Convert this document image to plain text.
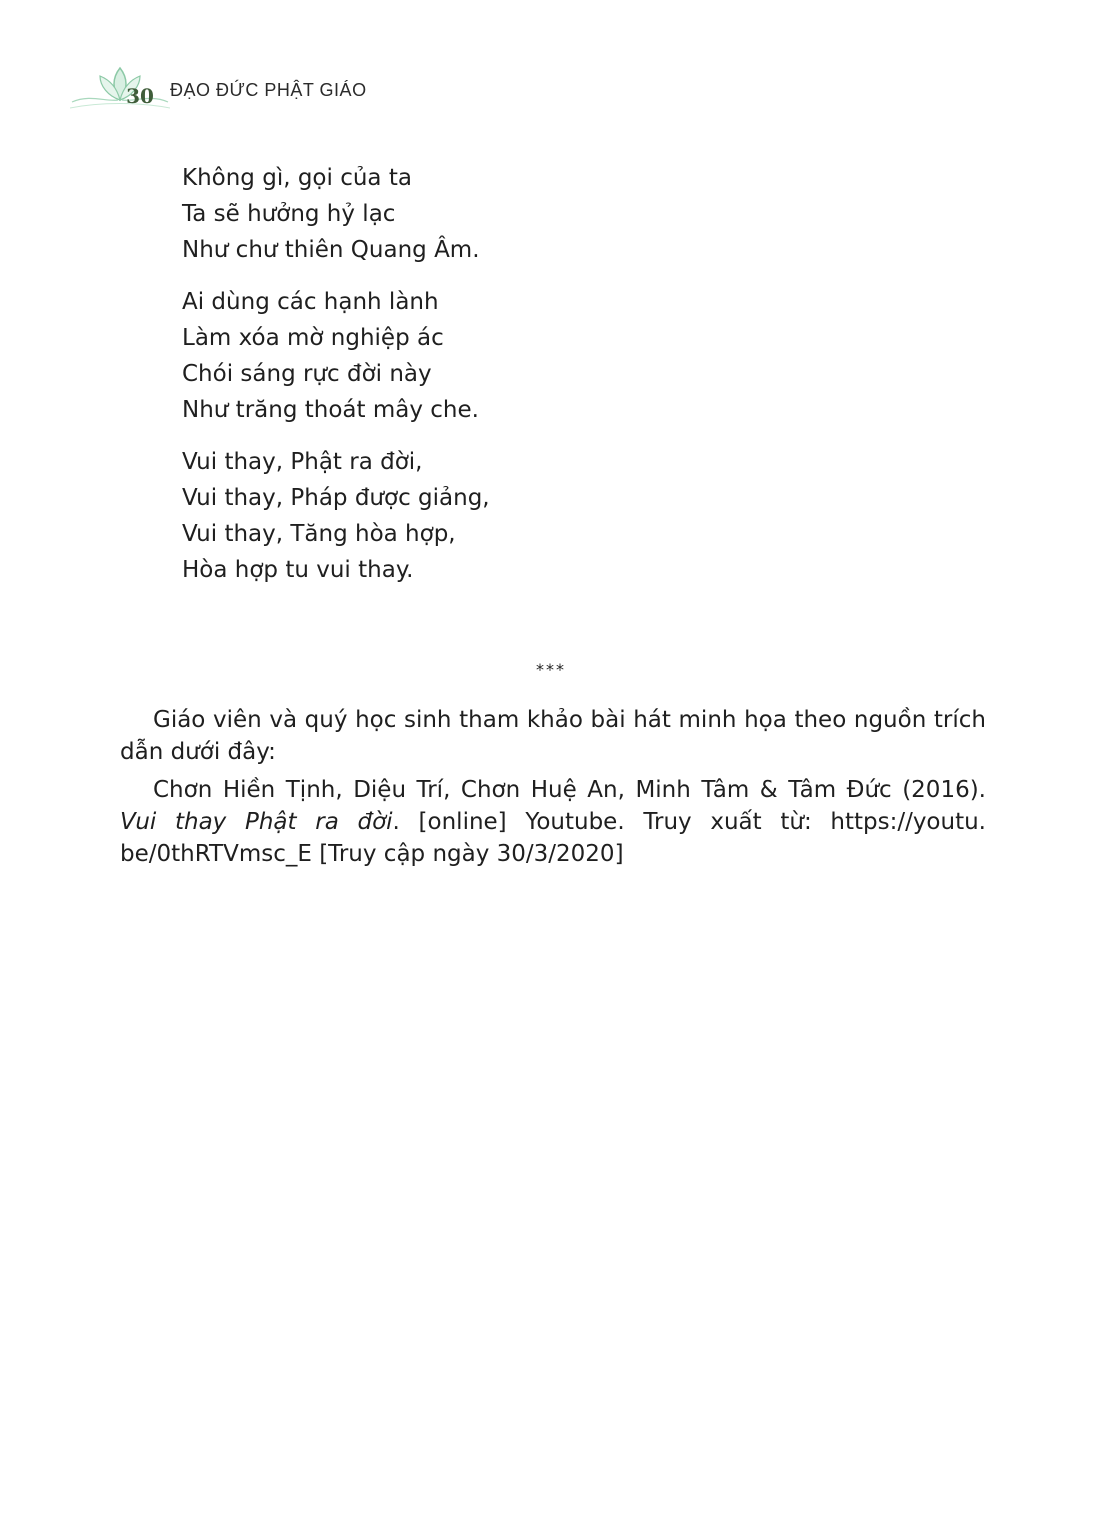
30 ĐẠO ĐỨC PHẬT GIÁO
Không gì, gọi của ta
Ta sẽ hưởng hỷ lạc
Như chư thiên Quang Âm.
Ai dùng các hạnh lành
Làm xóa mờ nghiệp ác
Chói sáng rực đời này
Như trăng thoát mây che.
Vui thay, Phật ra đời,
Vui thay, Pháp được giảng,
Vui thay, Tăng hòa hợp,
Hòa hợp tu vui thay.
***

Giáo viên và quý học sinh tham khảo bài hát minh họa theo nguồn trích dẫn dưới đây:

Chơn Hiền Tịnh, Diệu Trí, Chơn Huệ An, Minh Tâm & Tâm Đức (2016). Vui thay Phật ra đời. [online] Youtube. Truy xuất từ: https://youtu. be/0thRTVmsc_E [Truy cập ngày 30/3/2020]
